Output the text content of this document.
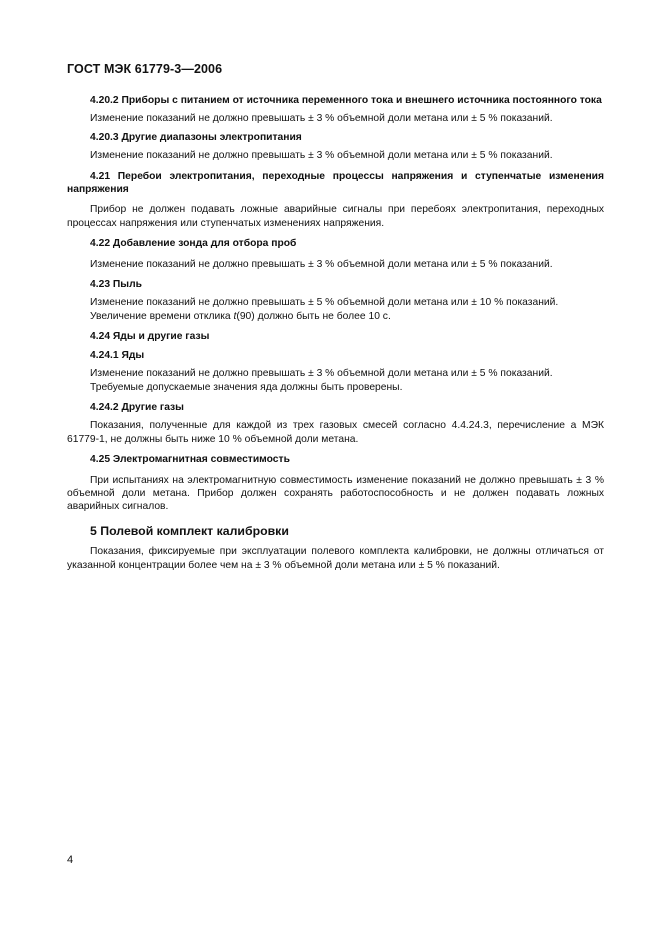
ГОСТ МЭК 61779-3—2006

4.20.2 Приборы с питанием от источника переменного тока и внешнего источника постоянного тока

Изменение показаний не должно превышать ± 3 % объемной доли метана или ± 5 % показаний.

4.20.3 Другие диапазоны электропитания

Изменение показаний не должно превышать ± 3 % объемной доли метана или ± 5 % показаний.

4.21 Перебои электропитания, переходные процессы напряжения и ступенчатые изменения напряжения

Прибор не должен подавать ложные аварийные сигналы при перебоях электропитания, переходных процессах напряжения или ступенчатых изменениях напряжения.

4.22 Добавление зонда для отбора проб

Изменение показаний не должно превышать ± 3 % объемной доли метана или ± 5 % показаний.

4.23 Пыль

Изменение показаний не должно превышать ± 5 % объемной доли метана или ± 10 % показаний.

Увеличение времени отклика t(90) должно быть не более 10 с.

4.24 Яды и другие газы

4.24.1 Яды

Изменение показаний не должно превышать ± 3 % объемной доли метана или ± 5 % показаний.

Требуемые допускаемые значения яда должны быть проверены.

4.24.2 Другие газы

Показания, полученные для каждой из трех газовых смесей согласно 4.4.24.3, перечисление а МЭК 61779-1, не должны быть ниже 10 % объемной доли метана.

4.25 Электромагнитная совместимость

При испытаниях на электромагнитную совместимость изменение показаний не должно превышать ± 3 % объемной доли метана. Прибор должен сохранять работоспособность и не должен подавать ложных аварийных сигналов.

5 Полевой комплект калибровки

Показания, фиксируемые при эксплуатации полевого комплекта калибровки, не должны отличаться от указанной концентрации более чем на ± 3 % объемной доли метана или ± 5 % показаний.

4
